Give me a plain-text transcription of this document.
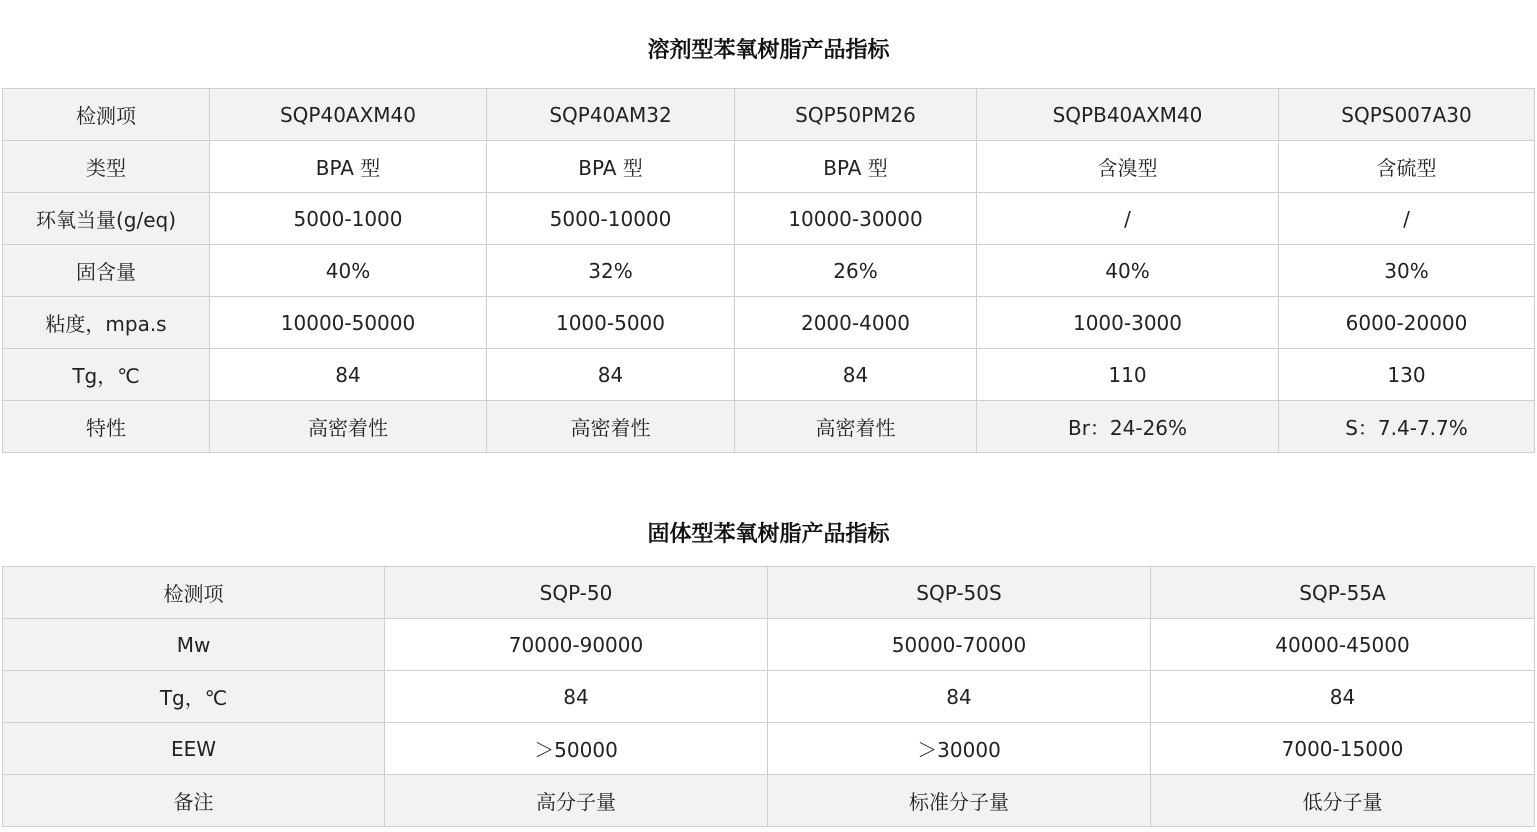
溶剂型苯氧树脂产品指标
检测项	SQP40AXM40	SQP40AM32	SQP50PM26	SQPB40AXM40	SQPS007A30
类型	BPA 型	BPA 型	BPA 型	含溴型	含硫型
环氧当量(g/eq)	5000-1000	5000-10000	10000-30000	/	/
固含量	40%	32%	26%	40%	30%
粘度，mpa.s	10000-50000	1000-5000	2000-4000	1000-3000	6000-20000
Tg，℃	84	84	84	110	130
特性	高密着性	高密着性	高密着性	Br：24-26%	S：7.4-7.7%
固体型苯氧树脂产品指标
检测项	SQP-50	SQP-50S	SQP-55A
Mw	70000-90000	50000-70000	40000-45000
Tg，℃	84	84	84
EEW	＞50000	＞30000	7000-15000
备注	高分子量	标准分子量	低分子量
